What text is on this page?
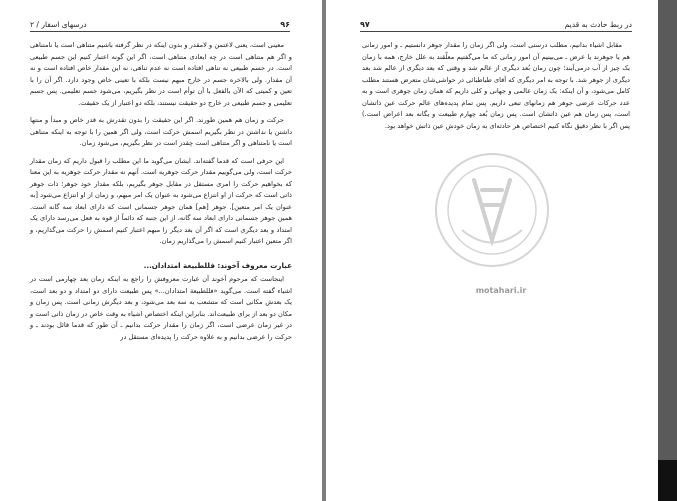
۹۶
درسهای اسفار / ۲

معینی است، یعنی لاعتمن و لامقدر و بدون اینکه در نظر گرفته باشیم متناهی است یا نامتناهی و اگر هم متناهی است در چه ابعادی متناهی است، اگر این گونه اعتبار کنیم این جسم طبیعی است. در جسم طبیعی نه تناهی افتاده است نه عدم تناهی، نه این مقدار خاص افتاده است و نه آن مقدار. ولی بالاخره جسم در خارج مبهم نیست بلکه با تعینی خاص وجود دارد. اگر آن را با تعین و کمیتی که الآن بالفعل با آن توأم است در نظر بگیریم، می‌شود جسم تعلیمی. پس جسم تعلیمی و جسم طبیعی در خارج دو حقیقت نیستند، بلکه دو اعتبار از یک حقیقت.

حرکت و زمان هم همین طورند. اگر این حقیقت را بدون تقدرش به قدر خاص و مبدأ و منتها داشتن یا نداشتن در نظر بگیریم اسمش حرکت است، ولی اگر همین را با توجه به اینکه متناهی است یا نامتناهی و اگر متناهی است چقدر است در نظر بگیریم، می‌شود زمان.

این حرفی است که قدما گفته‌اند. ایشان می‌گوید ما این مطلب را قبول داریم که زمان مقدار حرکت است، ولی می‌گوییم مقدار حرکت جوهریه است. آنهم نه مقدار حرکت جوهریه به این معنا که بخواهیم حرکت را امری مستقل در مقابل جوهر بگیریم، بلکه مقدار خود جوهر؛ ذات جوهر ذاتی است که حرکت از او انتزاع می‌شود به عنوان یک امر مبهم، و زمان از او انتزاع می‌شود [به عنوان یک امر متعین]. جوهر [هم] همان جوهر جسمانی است که دارای ابعاد سه گانه است. همین جوهر جسمانی دارای ابعاد سه گانه، از این جنبه که دائماً از قوه به فعل می‌رسد دارای یک امتداد و بعد دیگری است که اگر آن بعد دیگر را مبهم اعتبار کنیم اسمش را حرکت می‌گذاریم، و اگر متعین اعتبار کنیم اسمش را می‌گذاریم زمان.

عبارت معروف آخوند: فللطبیعة امتدادان...

اینجاست که مرحوم آخوند آن عبارت معروفش را راجع به اینکه زمان بعد چهارمی است در اشیاء گفته است. می‌گوید «فللطبیعة امتدادان...» پس طبیعت دارای دو امتداد و دو بعد است، یک بعدش مکانی است که متشعب به سه بعد می‌شود، و بعد دیگرش زمانی است. پس زمان و مکان دو بعد از برای طبیعت‌اند. بنابراین اینکه اختصاص اشیاء به وقت خاص در زمان ذاتی است و در غیر زمان عرضی است، اگر زمان را مقدار حرکت بدانیم ـ آن طور که قدما قائل بودند ـ و حرکت را عرضی بدانیم و به علاوه حرکت را پدیده‌ای مستقل در

در ربط حادث به قدیم
۹۷

مقابل اشیاء بدانیم، مطلب درستی است، ولی اگر زمان را مقدار جوهر دانستیم ـ و امور زمانی هم یا جوهرند یا عرض ـ می‌بینیم آن امور زمانی که ما می‌گفتیم معلّقند به علل خارج، همه با زمان یک چیز از آب درمی‌آیند؛ چون زمان بُعد دیگری از عالم شد و وقتی که بعد دیگری از عالم شد بعد دیگری از جوهر شد. با توجه به امر دیگری که آقای طباطبائی در حواشی‌شان متعرض هستند مطلب کامل می‌شود، و آن اینکه: یک زمان عالمی و جهانی و کلی داریم که همان زمان جوهری است و به عدد حرکات عرضی جوهر هم زمانهای تبعی داریم. پس تمام پدیده‌های عالم حرکت عین ذاتشان است، پس زمان هم عین ذاتشان است. پس زمان بُعد چهارم طبیعت و یگانه بعد اعراض است.) پس اگر با نظر دقیق نگاه کنیم اختصاص هر حادثه‌ای به زمان خودش عین ذاتش خواهد بود.

motahari.ir
